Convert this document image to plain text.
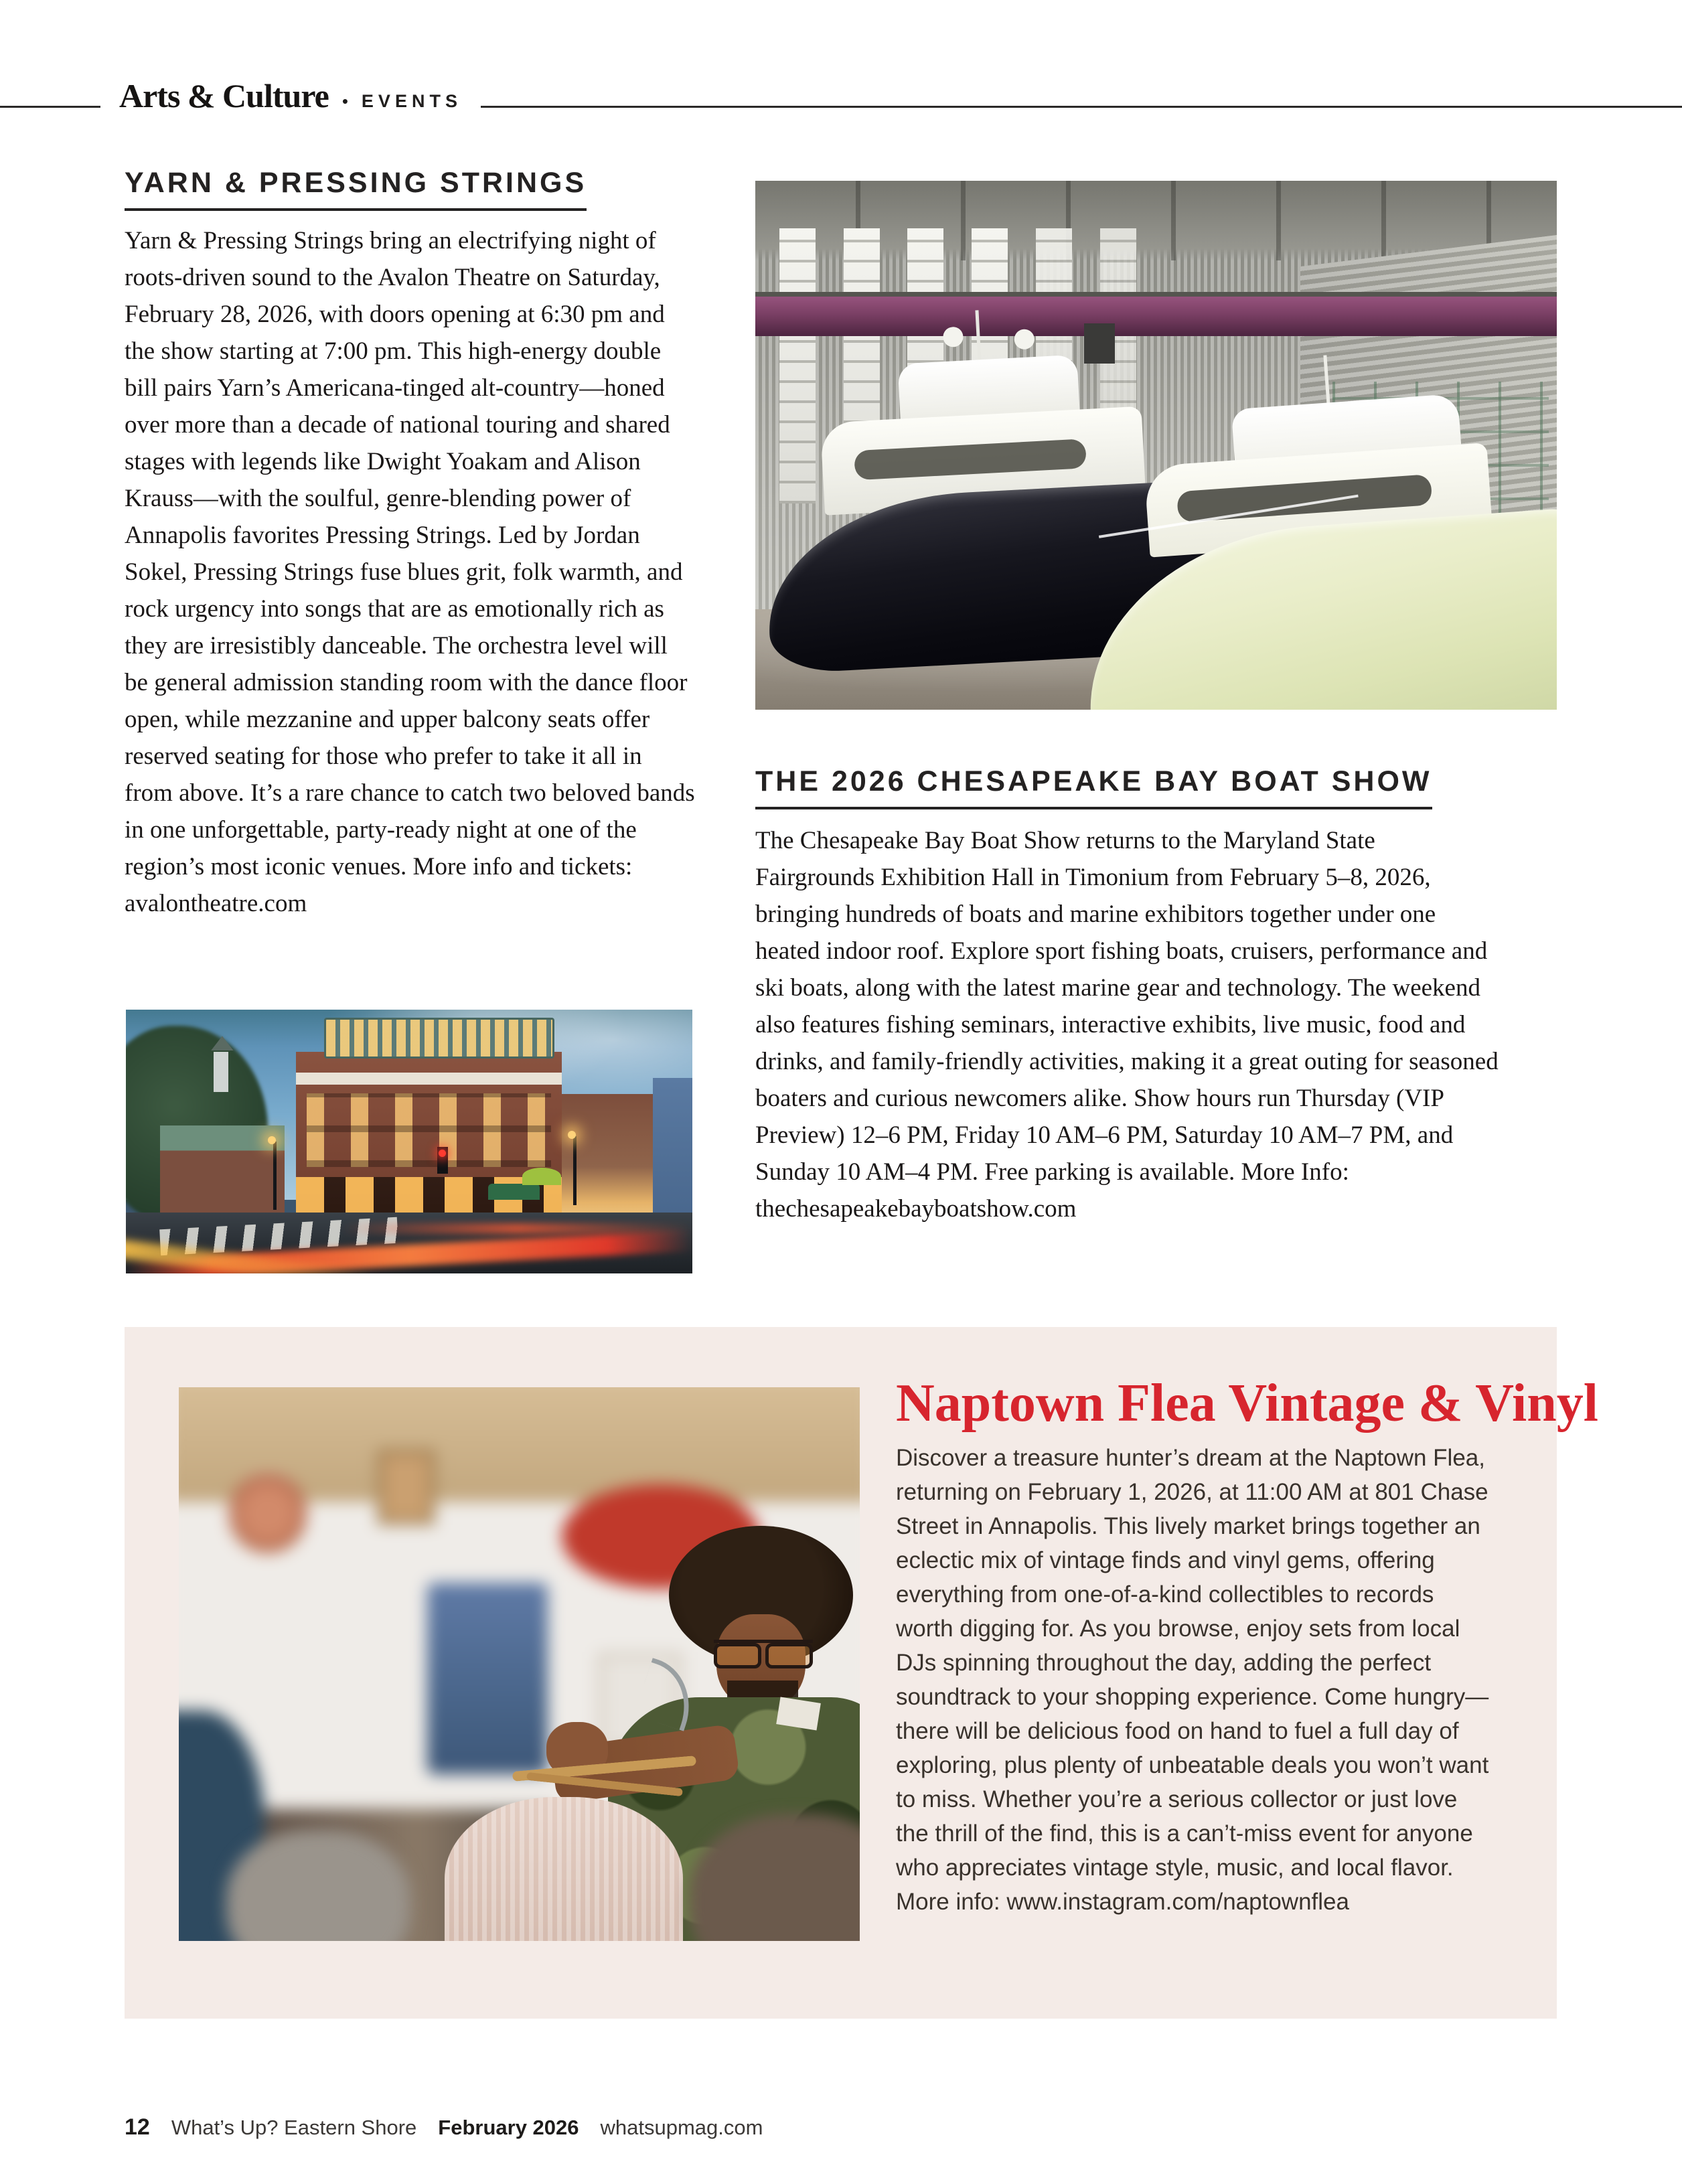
Arts & Culture • EVENTS
YARN & PRESSING STRINGS
Yarn & Pressing Strings bring an electrifying night of roots-driven sound to the Avalon Theatre on Saturday, February 28, 2026, with doors opening at 6:30 pm and the show starting at 7:00 pm. This high-energy double bill pairs Yarn’s Americana-tinged alt-country—honed over more than a decade of national touring and shared stages with legends like Dwight Yoakam and Alison Krauss—with the soulful, genre-blending power of Annapolis favorites Pressing Strings. Led by Jordan Sokel, Pressing Strings fuse blues grit, folk warmth, and rock urgency into songs that are as emotionally rich as they are irresistibly danceable. The orchestra level will be general admission standing room with the dance floor open, while mezzanine and upper balcony seats offer reserved seating for those who prefer to take it all in from above. It’s a rare chance to catch two beloved bands in one unforgettable, party-ready night at one of the region’s most iconic venues. More info and tickets: avalontheatre.com
THE 2026 CHESAPEAKE BAY BOAT SHOW
The Chesapeake Bay Boat Show returns to the Maryland State Fairgrounds Exhibition Hall in Timonium from February 5–8, 2026, bringing hundreds of boats and marine exhibitors together under one heated indoor roof. Explore sport fishing boats, cruisers, performance and ski boats, along with the latest marine gear and technology. The weekend also features fishing seminars, interactive exhibits, live music, food and drinks, and family-friendly activities, making it a great outing for seasoned boaters and curious newcomers alike. Show hours run Thursday (VIP Preview) 12–6 PM, Friday 10 AM–6 PM, Saturday 10 AM–7 PM, and Sunday 10 AM–4 PM. Free parking is available. More Info: thechesapeakebayboatshow.com
Naptown Flea Vintage & Vinyl
Discover a treasure hunter’s dream at the Naptown Flea, returning on February 1, 2026, at 11:00 AM at 801 Chase Street in Annapolis. This lively market brings together an eclectic mix of vintage finds and vinyl gems, offering everything from one-of-a-kind collectibles to records worth digging for. As you browse, enjoy sets from local DJs spinning throughout the day, adding the perfect soundtrack to your shopping experience. Come hungry—there will be delicious food on hand to fuel a full day of exploring, plus plenty of unbeatable deals you won’t want to miss. Whether you’re a serious collector or just love the thrill of the find, this is a can’t-miss event for anyone who appreciates vintage style, music, and local flavor. More info: www.instagram.com/naptownflea
12 What’s Up? Eastern Shore February 2026 whatsupmag.com
